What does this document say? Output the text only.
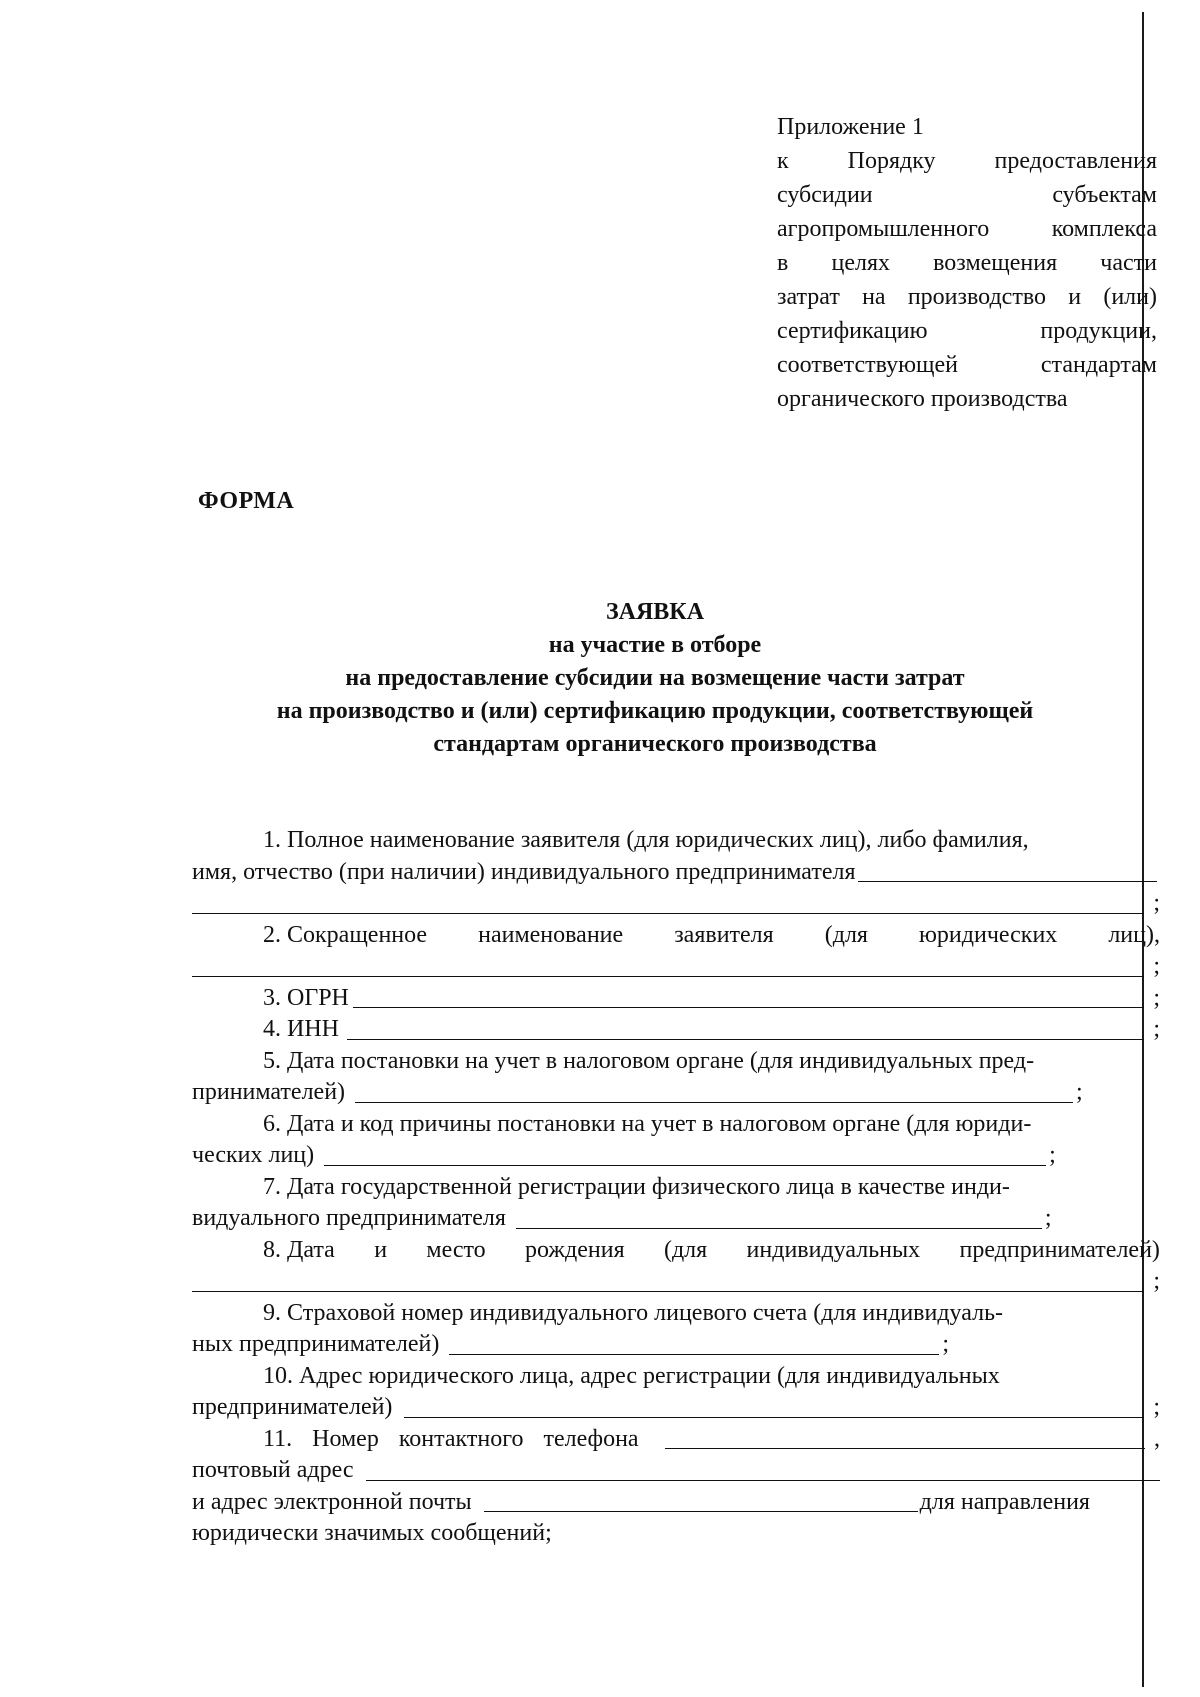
Приложение 1
к Порядку предоставления
субсидии субъектам
агропромышленного комплекса
в целях возмещения части
затрат на производство и (или)
сертификацию продукции,
соответствующей стандартам
органического производства
ФОРМА
ЗАЯВКА
на участие в отборе
на предоставление субсидии на возмещение части затрат
на производство и (или) сертификацию продукции, соответствующей
стандартам органического производства
1. Полное наименование заявителя (для юридических лиц), либо фамилия,
имя, отчество (при наличии) индивидуального предпринимателя
;
2. Сокращенное наименование заявителя (для юридических лиц),
;
3. ОГРН	;
4. ИНН	;
5. Дата постановки на учет в налоговом органе (для индивидуальных пред-
принимателей)	;
6. Дата и код причины постановки на учет в налоговом органе (для юриди-
ческих лиц)	;
7. Дата государственной регистрации физического лица в качестве инди-
видуального предпринимателя	;
8. Дата и место рождения (для индивидуальных предпринимателей)
;
9. Страховой номер индивидуального лицевого счета (для индивидуаль-
ных предпринимателей)	;
10. Адрес юридического лица, адрес регистрации (для индивидуальных
предпринимателей)	;
11. Номер контактного телефона	,
почтовый адрес
и адрес электронной почты	для направления
юридически значимых сообщений;
